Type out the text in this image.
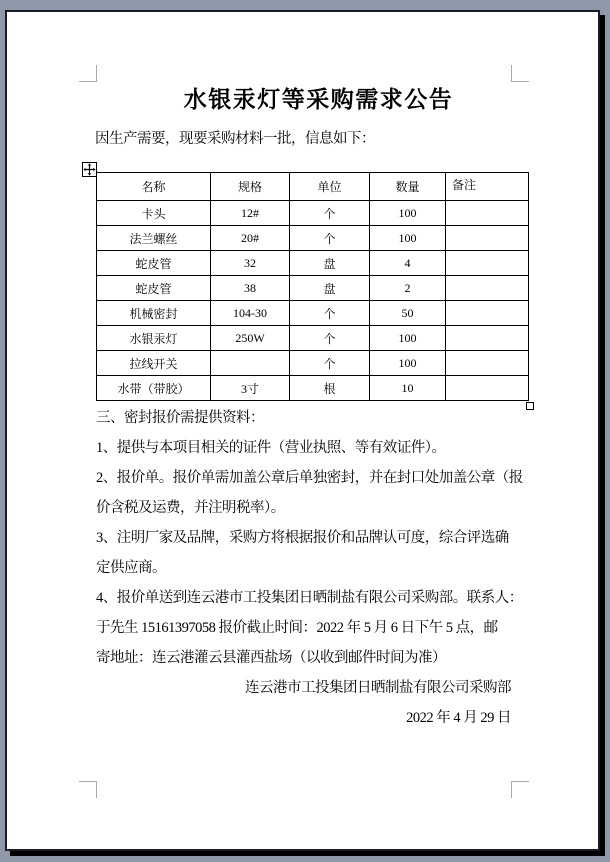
水银汞灯等采购需求公告
因生产需要，现要采购材料一批，信息如下：
名称	规格	单位	数量	备注
卡头	12#	个	100	
法兰螺丝	20#	个	100	
蛇皮管	32	盘	4	
蛇皮管	38	盘	2	
机械密封	104-30	个	50	
水银汞灯	250W	个	100	
拉线开关		个	100	
水带（带胶）	3寸	根	10	
三、密封报价需提供资料：
1、提供与本项目相关的证件（营业执照、等有效证件）。
2、报价单。报价单需加盖公章后单独密封，并在封口处加盖公章（报
价含税及运费，并注明税率）。
3、注明厂家及品牌，采购方将根据报价和品牌认可度，综合评选确
定供应商。
4、报价单送到连云港市工投集团日晒制盐有限公司采购部。联系人：
于先生 15161397058 报价截止时间：2022 年 5 月 6 日下午 5 点，邮
寄地址：连云港灌云县灌西盐场（以收到邮件时间为准）
连云港市工投集团日晒制盐有限公司采购部
2022 年 4 月 29 日
